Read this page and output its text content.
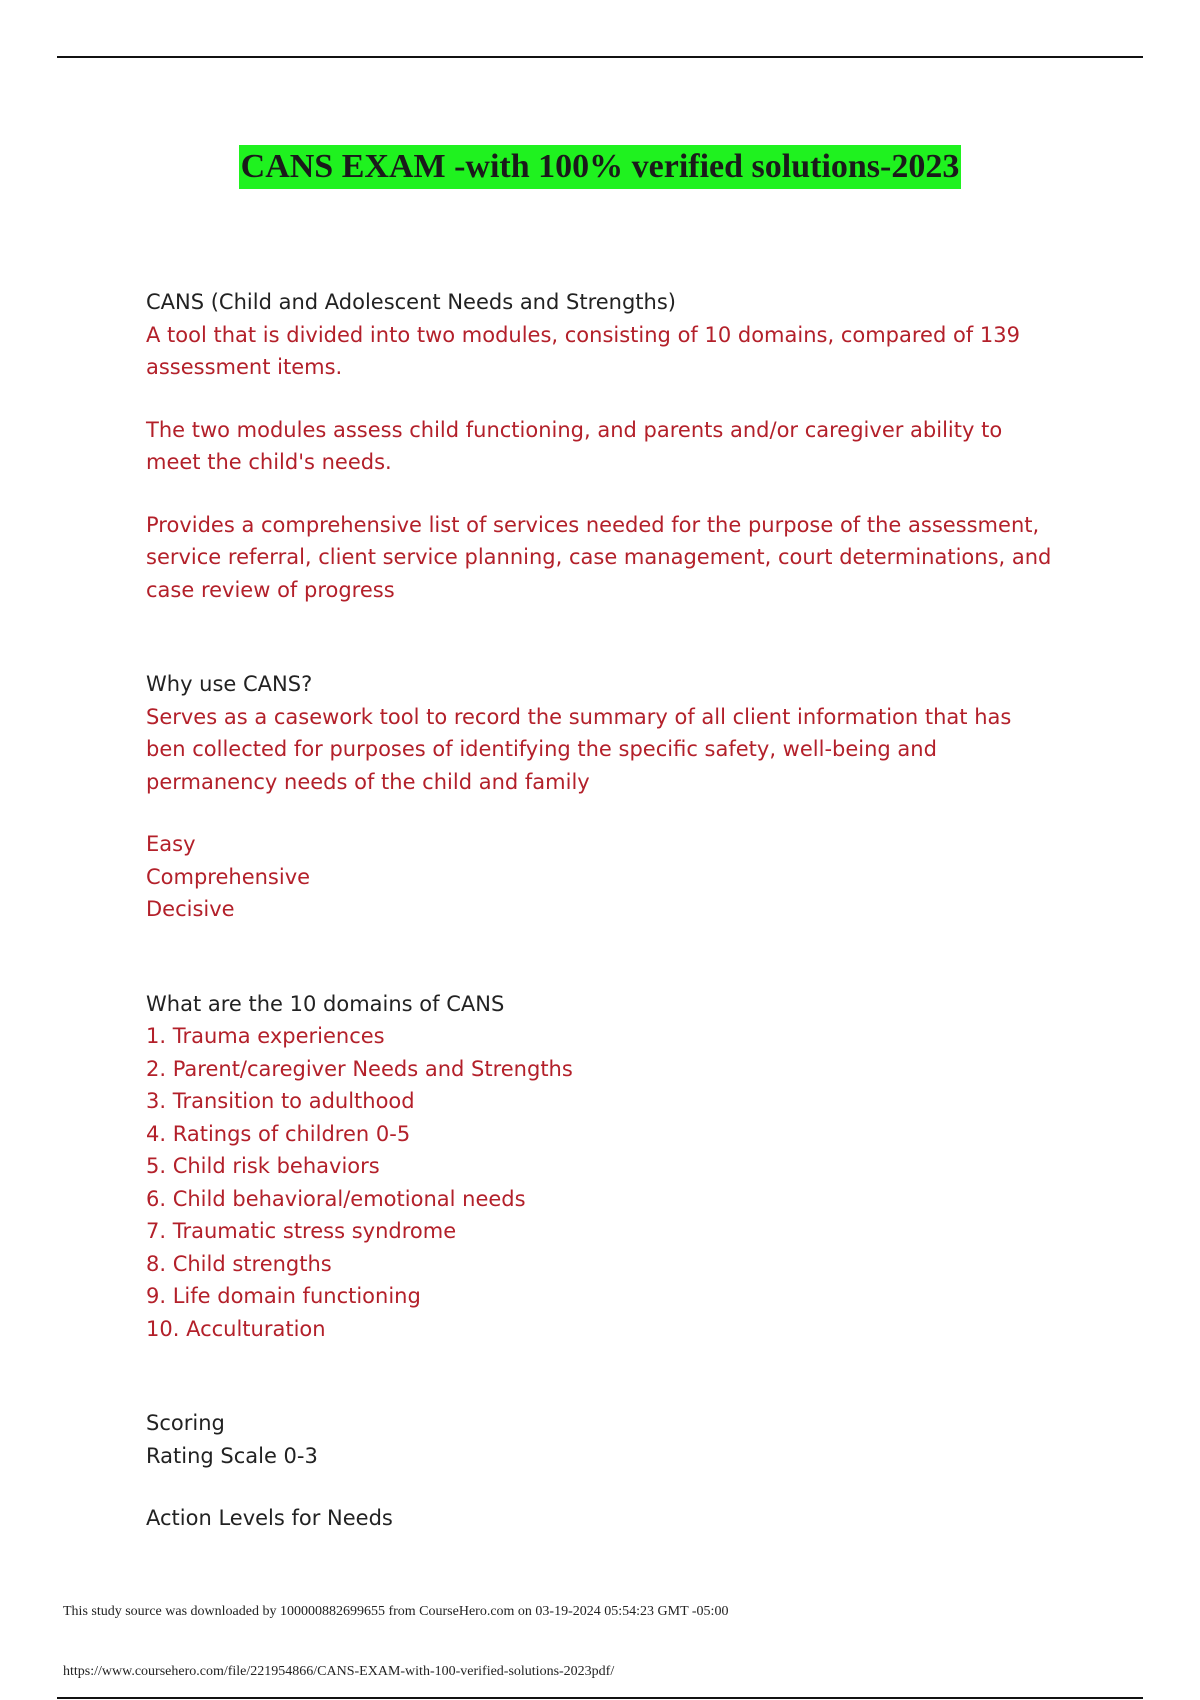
CANS EXAM -with 100% verified solutions-2023
CANS (Child and Adolescent Needs and Strengths)
A tool that is divided into two modules, consisting of 10 domains, compared of 139
assessment items.
The two modules assess child functioning, and parents and/or caregiver ability to
meet the child's needs.
Provides a comprehensive list of services needed for the purpose of the assessment,
service referral, client service planning, case management, court determinations, and
case review of progress
Why use CANS?
Serves as a casework tool to record the summary of all client information that has
ben collected for purposes of identifying the specific safety, well-being and
permanency needs of the child and family
Easy
Comprehensive
Decisive
What are the 10 domains of CANS
1. Trauma experiences
2. Parent/caregiver Needs and Strengths
3. Transition to adulthood
4. Ratings of children 0-5
5. Child risk behaviors
6. Child behavioral/emotional needs
7. Traumatic stress syndrome
8. Child strengths
9. Life domain functioning
10. Acculturation
Scoring
Rating Scale 0-3
Action Levels for Needs
This study source was downloaded by 100000882699655 from CourseHero.com on 03-19-2024 05:54:23 GMT -05:00
https://www.coursehero.com/file/221954866/CANS-EXAM-with-100-verified-solutions-2023pdf/
